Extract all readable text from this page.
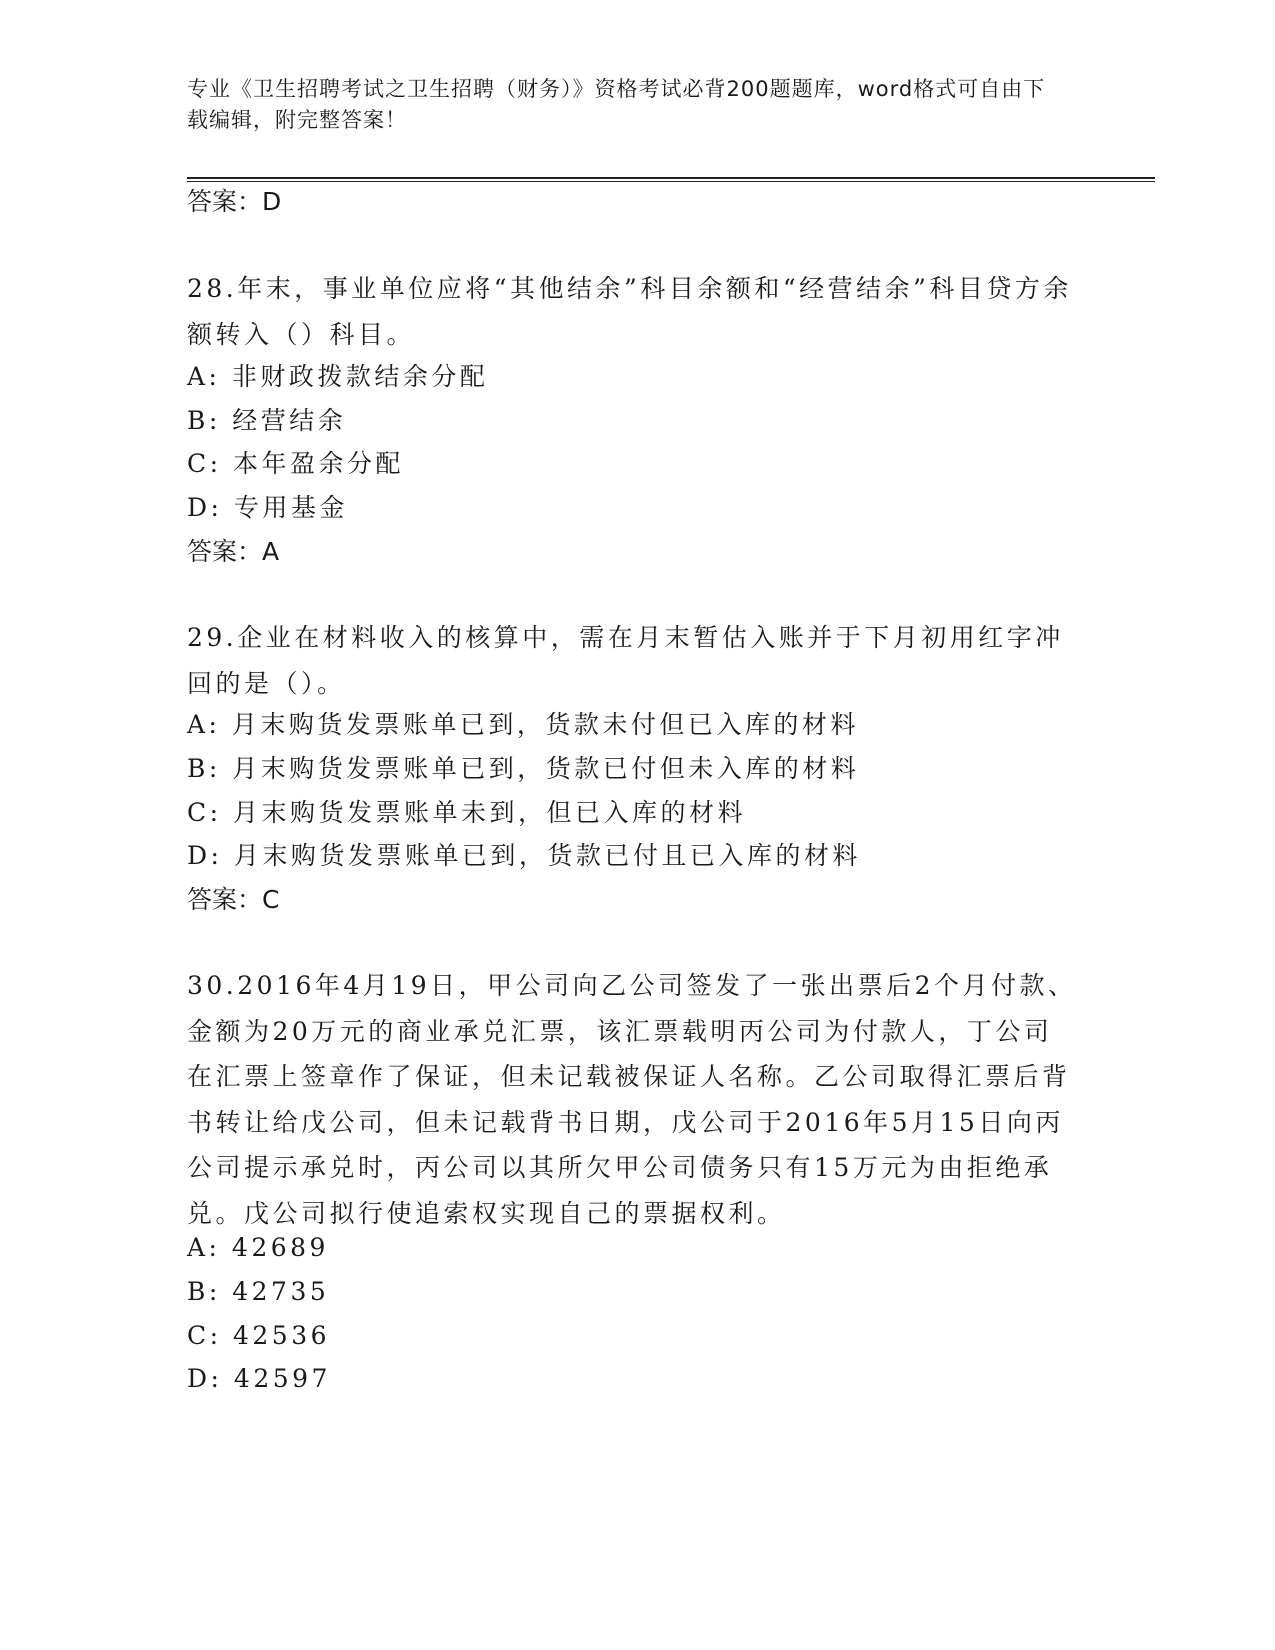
专业《卫生招聘考试之卫生招聘（财务）》资格考试必背200题题库，word格式可自由下载编辑，附完整答案！
答案：D
28.年末，事业单位应将“其他结余”科目余额和“经营结余”科目贷方余额转入（）科目。
A: 非财政拨款结余分配
B: 经营结余
C: 本年盈余分配
D: 专用基金
答案：A
29.企业在材料收入的核算中，需在月末暂估入账并于下月初用红字冲回的是（）。
A: 月末购货发票账单已到，货款未付但已入库的材料
B: 月末购货发票账单已到，货款已付但未入库的材料
C: 月末购货发票账单未到，但已入库的材料
D: 月末购货发票账单已到，货款已付且已入库的材料
答案：C
30.2016年4月19日，甲公司向乙公司签发了一张出票后2个月付款、金额为20万元的商业承兑汇票，该汇票载明丙公司为付款人，丁公司在汇票上签章作了保证，但未记载被保证人名称。乙公司取得汇票后背书转让给戊公司，但未记载背书日期，戊公司于2016年5月15日向丙公司提示承兑时，丙公司以其所欠甲公司债务只有15万元为由拒绝承兑。戊公司拟行使追索权实现自己的票据权利。
A: 42689
B: 42735
C: 42536
D: 42597
